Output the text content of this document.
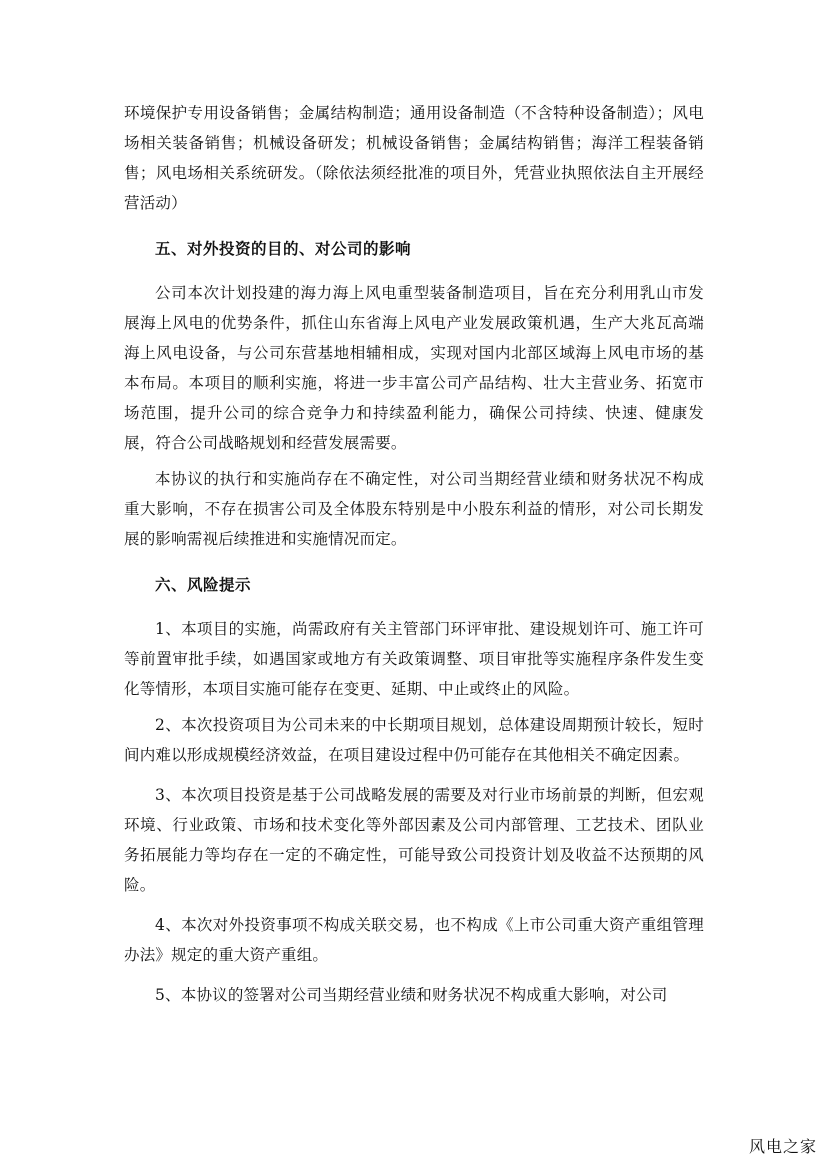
环境保护专用设备销售；金属结构制造；通用设备制造（不含特种设备制造）；风电场相关装备销售；机械设备研发；机械设备销售；金属结构销售；海洋工程装备销售；风电场相关系统研发。（除依法须经批准的项目外，凭营业执照依法自主开展经营活动）

五、对外投资的目的、对公司的影响

公司本次计划投建的海力海上风电重型装备制造项目，旨在充分利用乳山市发展海上风电的优势条件，抓住山东省海上风电产业发展政策机遇，生产大兆瓦高端海上风电设备，与公司东营基地相辅相成，实现对国内北部区域海上风电市场的基本布局。本项目的顺利实施，将进一步丰富公司产品结构、壮大主营业务、拓宽市场范围，提升公司的综合竞争力和持续盈利能力，确保公司持续、快速、健康发展，符合公司战略规划和经营发展需要。

本协议的执行和实施尚存在不确定性，对公司当期经营业绩和财务状况不构成重大影响，不存在损害公司及全体股东特别是中小股东利益的情形，对公司长期发展的影响需视后续推进和实施情况而定。

六、风险提示

1、本项目的实施，尚需政府有关主管部门环评审批、建设规划许可、施工许可等前置审批手续，如遇国家或地方有关政策调整、项目审批等实施程序条件发生变化等情形，本项目实施可能存在变更、延期、中止或终止的风险。

2、本次投资项目为公司未来的中长期项目规划，总体建设周期预计较长，短时间内难以形成规模经济效益，在项目建设过程中仍可能存在其他相关不确定因素。

3、本次项目投资是基于公司战略发展的需要及对行业市场前景的判断，但宏观环境、行业政策、市场和技术变化等外部因素及公司内部管理、工艺技术、团队业务拓展能力等均存在一定的不确定性，可能导致公司投资计划及收益不达预期的风险。

4、本次对外投资事项不构成关联交易，也不构成《上市公司重大资产重组管理办法》规定的重大资产重组。

5、本协议的签署对公司当期经营业绩和财务状况不构成重大影响，对公司

风电之家
